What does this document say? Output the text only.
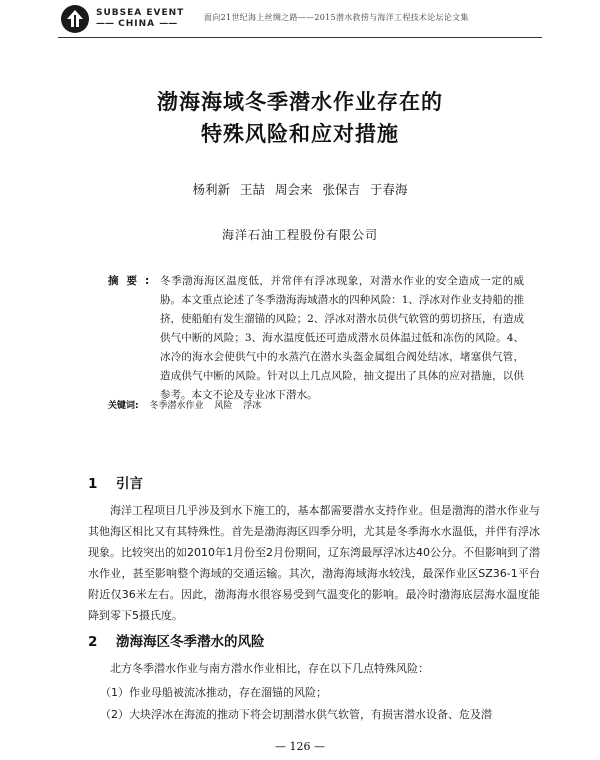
SUBSEA EVENT
—— CHINA ——
面向21世纪海上丝绸之路——2015潜水救捞与海洋工程技术论坛论文集
渤海海域冬季潜水作业存在的
特殊风险和应对措施
杨利新 王喆 周会来 张保吉 于春海
海洋石油工程股份有限公司
摘要: 冬季渤海海区温度低，并常伴有浮冰现象，对潜水作业的安全造成一定的威胁。本文重点论述了冬季渤海海域潜水的四种风险：1、浮冰对作业支持船的推挤，使船舶有发生溜锚的风险；2、浮冰对潜水员供气软管的剪切挤压，有造成供气中断的风险；3、海水温度低还可造成潜水员体温过低和冻伤的风险。4、冰冷的海水会使供气中的水蒸汽在潜水头盔金属组合阀处结冰，堵塞供气管，造成供气中断的风险。针对以上几点风险，抽文提出了具体的应对措施，以供参考。本文不论及专业冰下潜水。
关键词: 冬季潜水作业 风险 浮冰
1 引言
海洋工程项目几乎涉及到水下施工的，基本都需要潜水支持作业。但是渤海的潜水作业与其他海区相比又有其特殊性。首先是渤海海区四季分明，尤其是冬季海水水温低，并伴有浮冰现象。比较突出的如2010年1月份至2月份期间，辽东湾最厚浮冰达40公分。不但影响到了潜水作业，甚至影响整个海域的交通运输。其次，渤海海域海水较浅，最深作业区SZ36-1平台附近仅36米左右。因此，渤海海水很容易受到气温变化的影响。最冷时渤海底层海水温度能降到零下5摄氏度。
2 渤海海区冬季潜水的风险
北方冬季潜水作业与南方潜水作业相比，存在以下几点特殊风险：
（1）作业母船被流冰推动，存在溜锚的风险；
（2）大块浮冰在海流的推动下将会切割潜水供气软管，有损害潜水设备、危及潜
— 126 —
